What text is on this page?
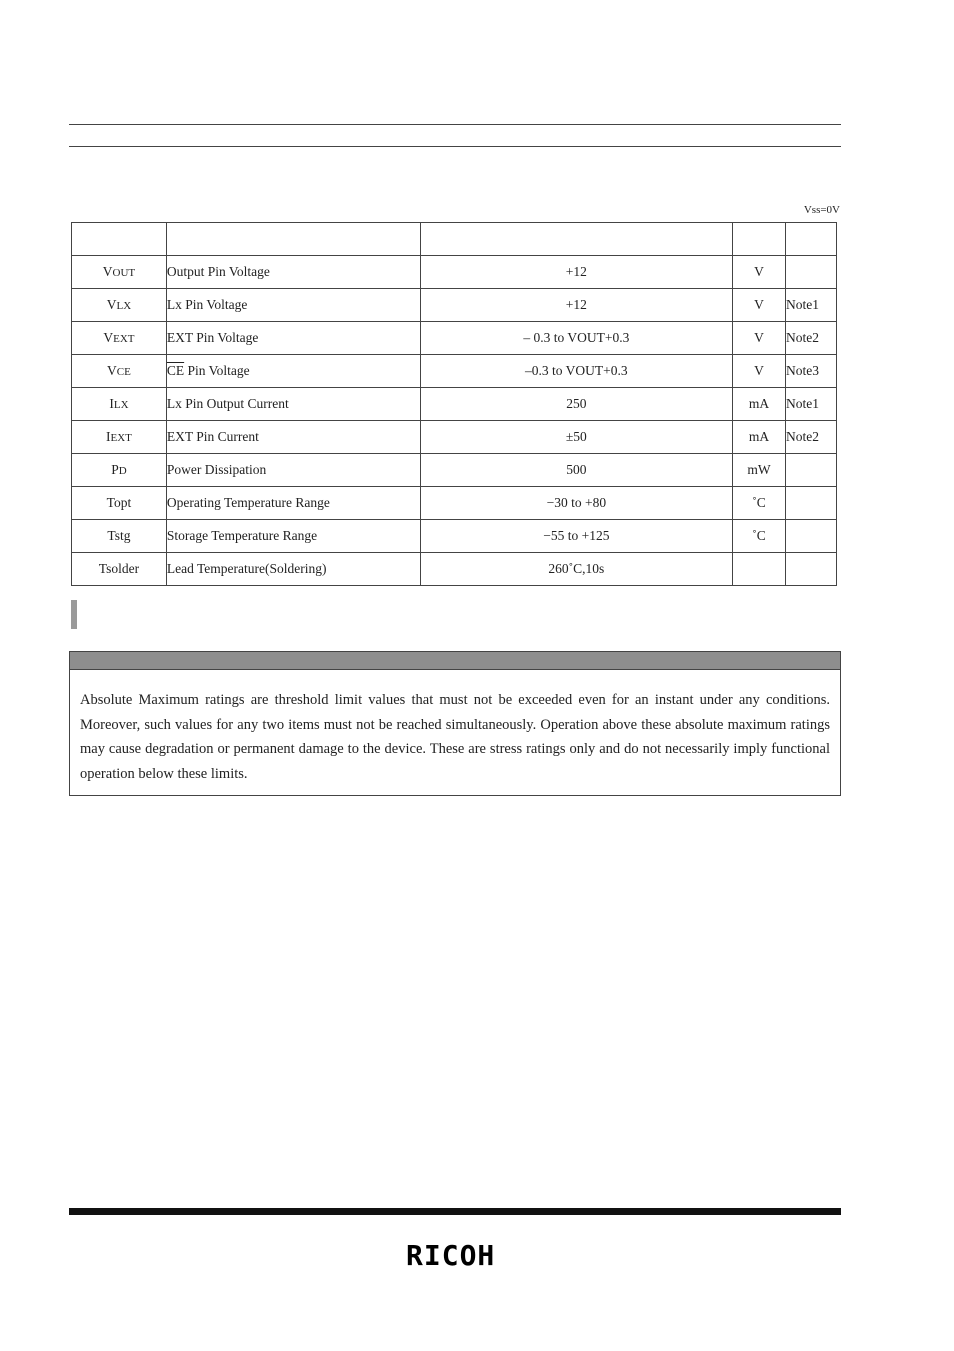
Vss=0V

VOUT	Output Pin Voltage	+12	V	
VLX	Lx Pin Voltage	+12	V	Note1
VEXT	EXT Pin Voltage	– 0.3 to VOUT+0.3	V	Note2
VCE	$\overline{CE}$ Pin Voltage	–0.3 to VOUT+0.3	V	Note3
ILX	Lx Pin Output Current	250	mA	Note1
IEXT	EXT Pin Current	±50	mA	Note2
PD	Power Dissipation	500	mW	
Topt	Operating Temperature Range	−30 to +80	˚C	
Tstg	Storage Temperature Range	−55 to +125	˚C	
Tsolder	Lead Temperature(Soldering)	260˚C,10s		

Absolute Maximum ratings are threshold limit values that must not be exceeded even for an instant under any conditions. Moreover, such values for any two items must not be reached simultaneously. Operation above these absolute maximum ratings may cause degradation or permanent damage to the device. These are stress ratings only and do not necessarily imply functional operation below these limits.

RICOH
